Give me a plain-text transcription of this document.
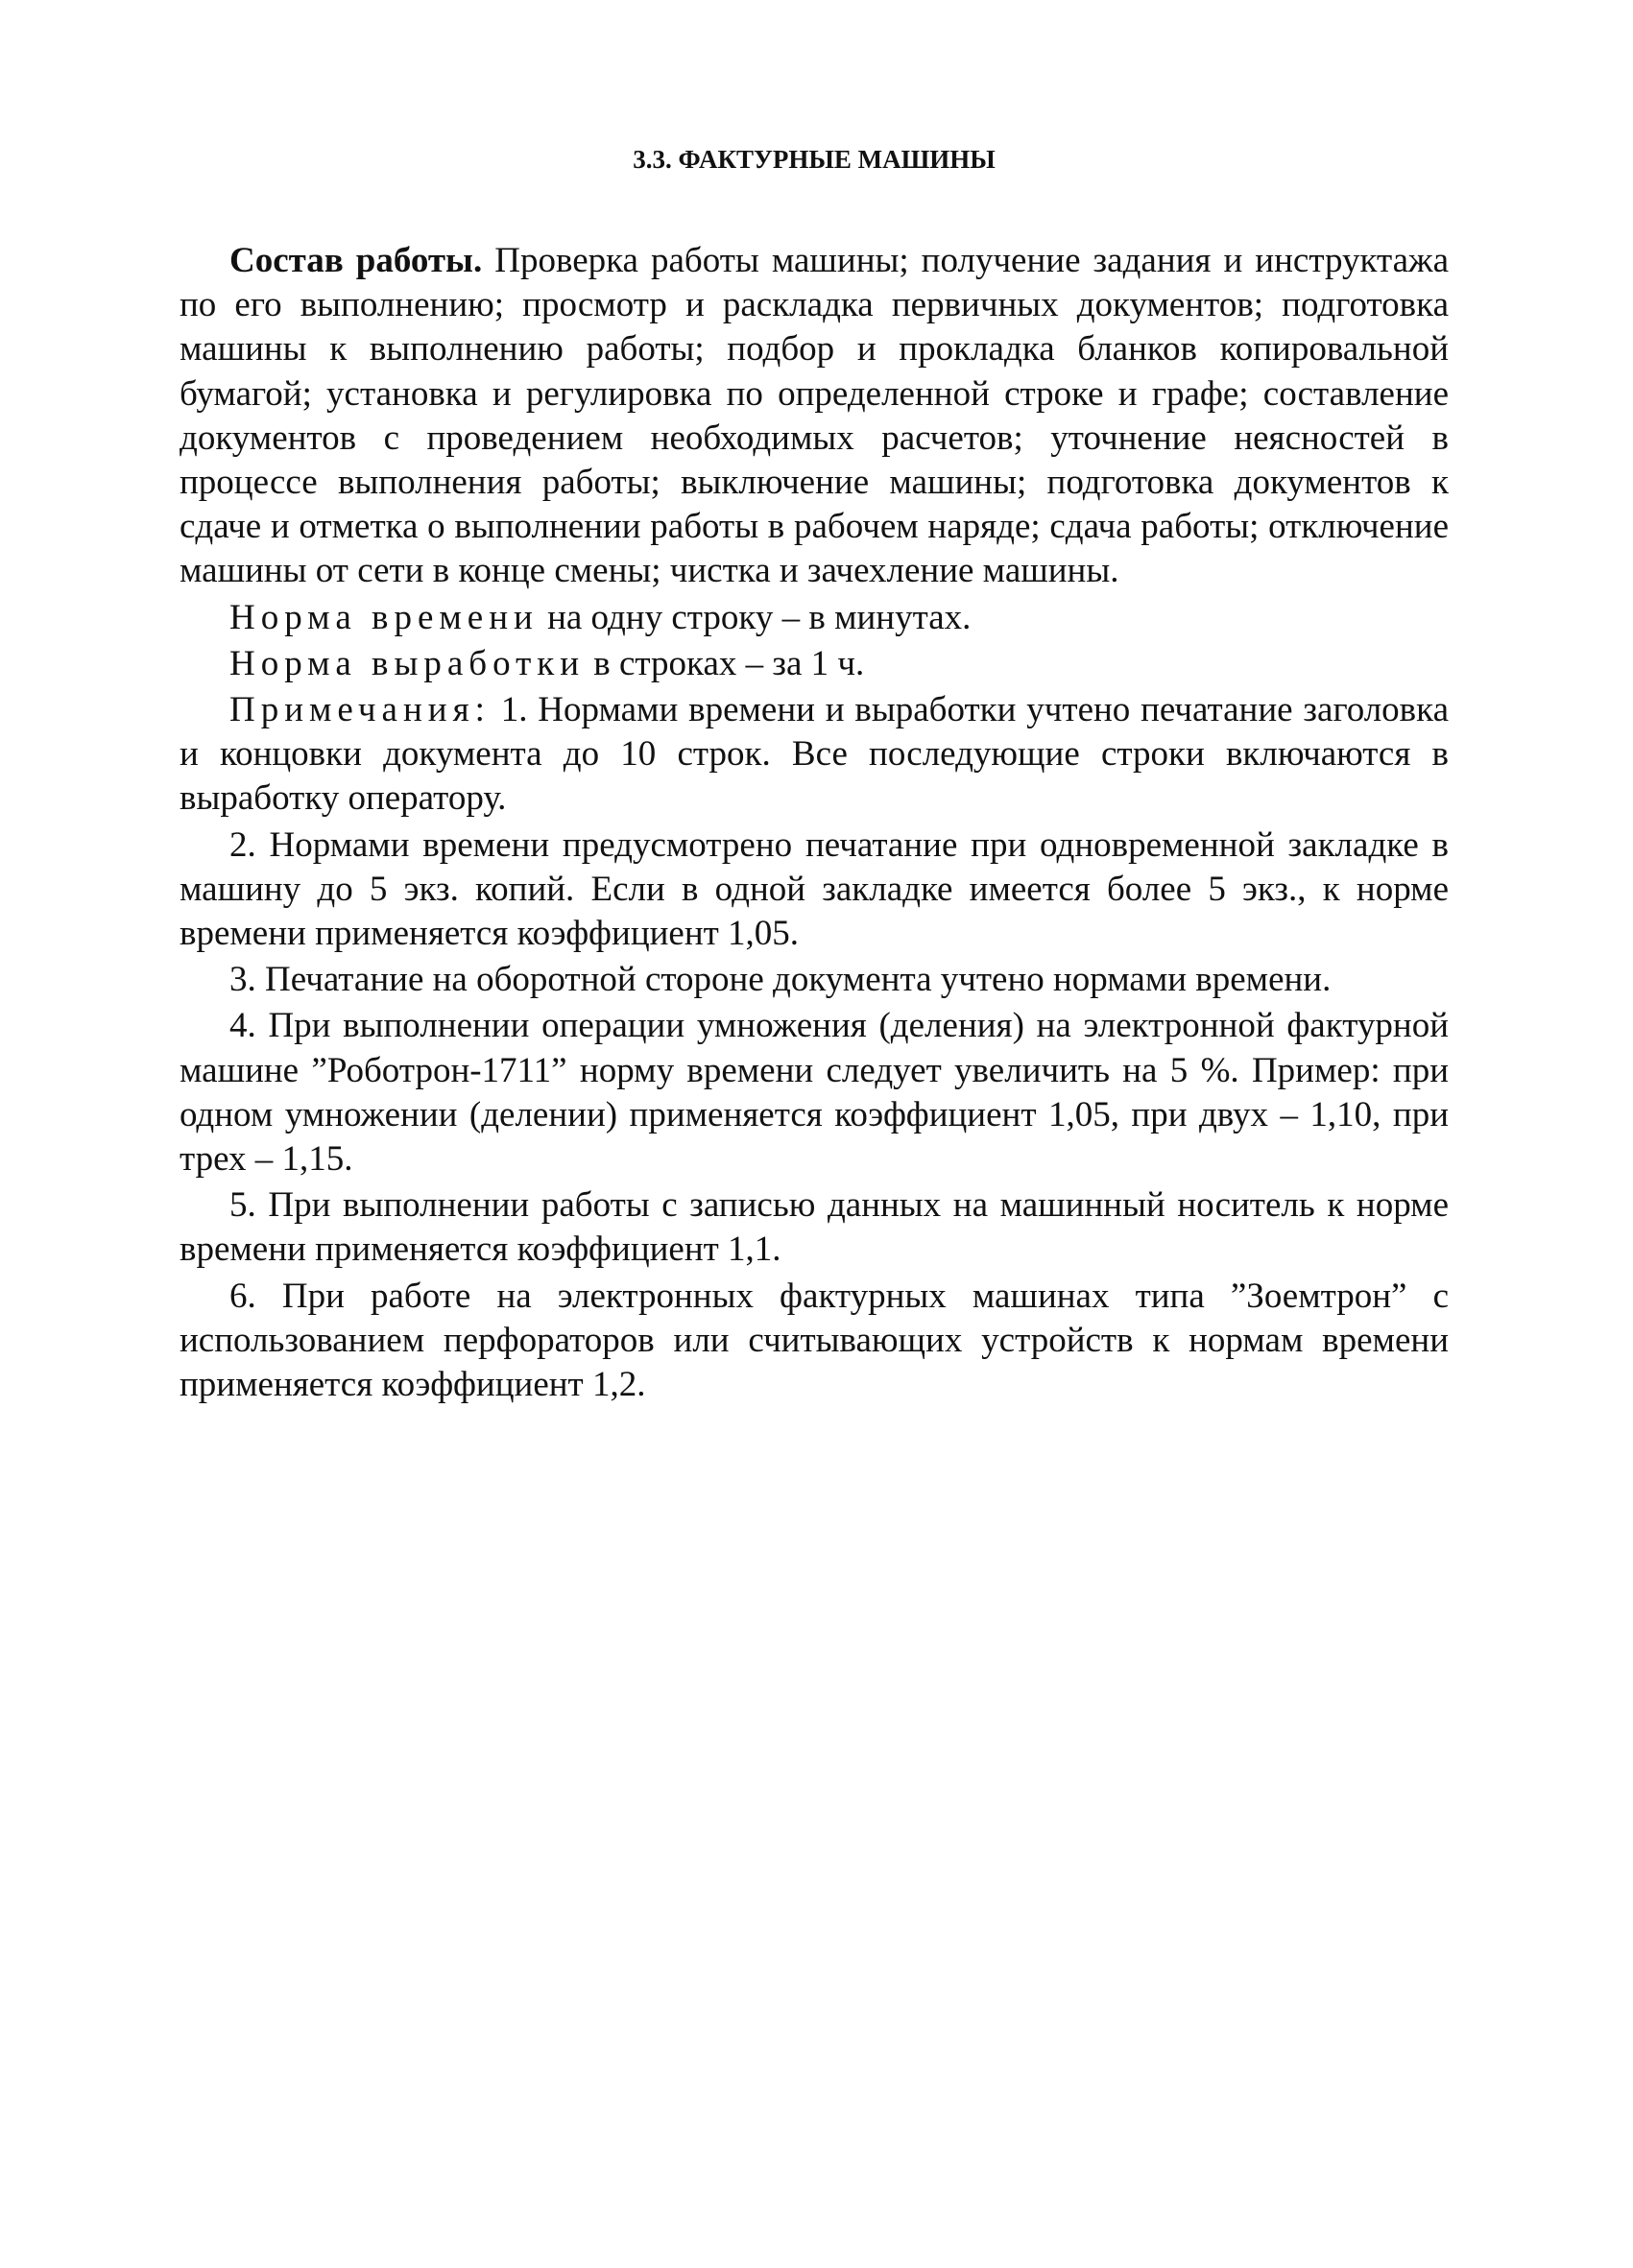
3.3. ФАКТУРНЫЕ МАШИНЫ

Состав работы. Проверка работы машины; получение задания и инструктажа по его выполнению; просмотр и раскладка первичных документов; подготовка машины к выполнению работы; подбор и прокладка бланков копировальной бумагой; установка и регулировка по определенной строке и графе; составление документов с проведением необходимых расчетов; уточнение неясностей в процессе выполнения работы; выключение машины; подготовка документов к сдаче и отметка о выполнении работы в рабочем наряде; сдача работы; отключение машины от сети в конце смены; чистка и зачехление машины.

Норма времени на одну строку – в минутах.

Норма выработки в строках – за 1 ч.

Примечания: 1. Нормами времени и выработки учтено печатание заголовка и концовки документа до 10 строк. Все последующие строки включаются в выработку оператору.

2. Нормами времени предусмотрено печатание при одновременной закладке в машину до 5 экз. копий. Если в одной закладке имеется более 5 экз., к норме времени применяется коэффициент 1,05.

3. Печатание на оборотной стороне документа учтено нормами времени.

4. При выполнении операции умножения (деления) на электронной фактурной машине ”Роботрон-1711” норму времени следует увеличить на 5 %. Пример: при одном умножении (делении) применяется коэффициент 1,05, при двух – 1,10, при трех – 1,15.

5. При выполнении работы с записью данных на машинный носитель к норме времени применяется коэффициент 1,1.

6. При работе на электронных фактурных машинах типа ”Зоемтрон” с использованием перфораторов или считывающих устройств к нормам времени применяется коэффициент 1,2.
